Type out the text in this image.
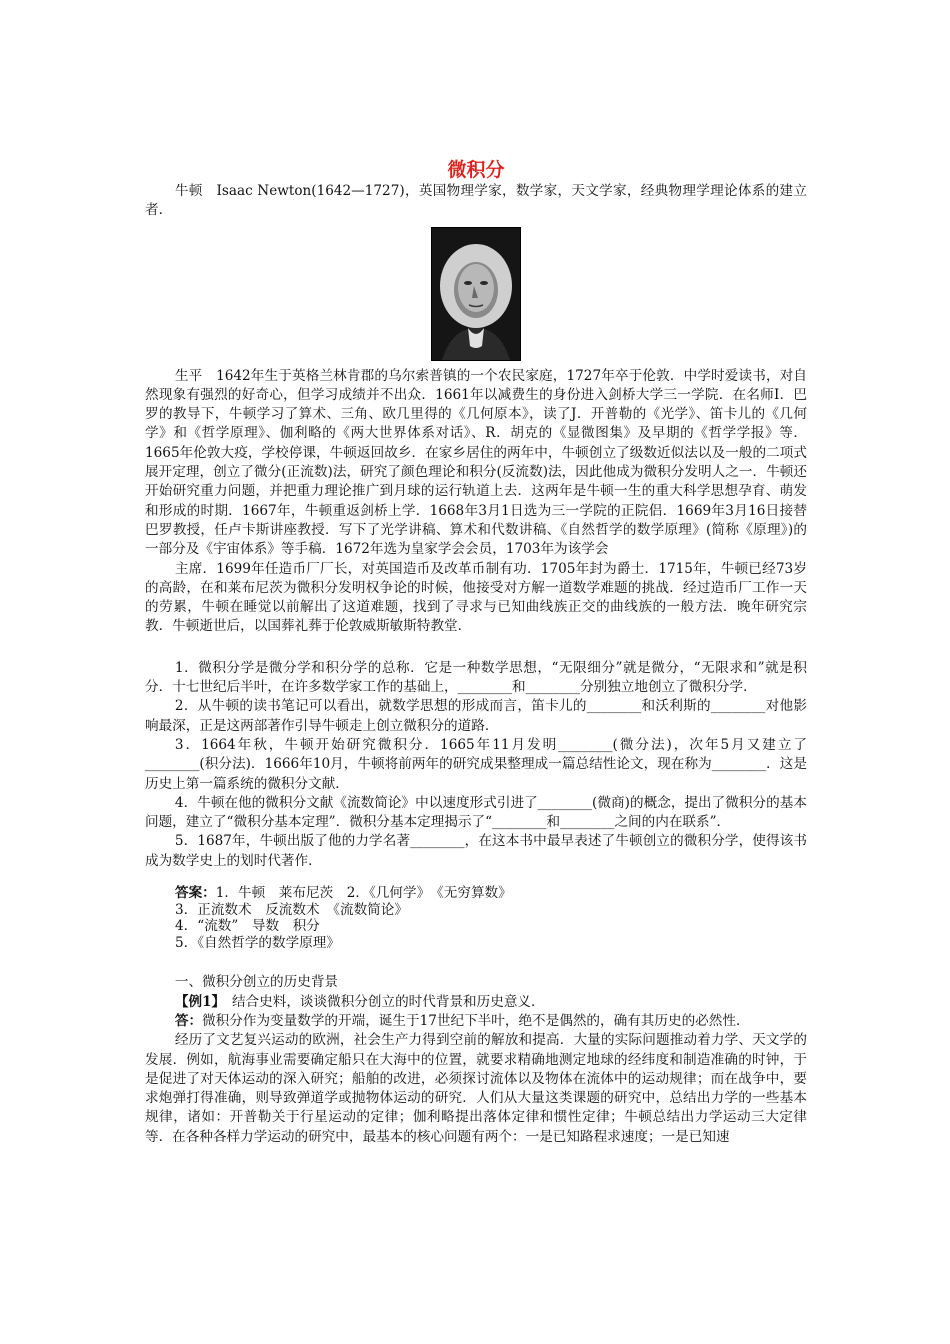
微积分

牛顿　Isaac Newton(1642—1727)，英国物理学家，数学家，天文学家，经典物理学理论体系的建立者．

生平　1642年生于英格兰林肯郡的乌尔索普镇的一个农民家庭，1727年卒于伦敦．中学时爱读书，对自然现象有强烈的好奇心，但学习成绩并不出众．1661年以减费生的身份进入剑桥大学三一学院．在名师I．巴罗的教导下，牛顿学习了算术、三角、欧几里得的《几何原本》，读了J．开普勒的《光学》、笛卡儿的《几何学》和《哲学原理》、伽利略的《两大世界体系对话》、R．胡克的《显微图集》及早期的《哲学学报》等．1665年伦敦大疫，学校停课，牛顿返回故乡．在家乡居住的两年中，牛顿创立了级数近似法以及一般的二项式展开定理，创立了微分(正流数)法，研究了颜色理论和积分(反流数)法，因此他成为微积分发明人之一．牛顿还开始研究重力问题，并把重力理论推广到月球的运行轨道上去．这两年是牛顿一生的重大科学思想孕育、萌发和形成的时期．1667年，牛顿重返剑桥上学．1668年3月1日选为三一学院的正院侣．1669年3月16日接替巴罗教授，任卢卡斯讲座教授．写下了光学讲稿、算术和代数讲稿、《自然哲学的数学原理》(简称《原理》)的一部分及《宇宙体系》等手稿．1672年选为皇家学会会员，1703年为该学会

主席．1699年任造币厂厂长，对英国造币及改革币制有功．1705年封为爵士．1715年，牛顿已经73岁的高龄，在和莱布尼茨为微积分发明权争论的时候，他接受对方解一道数学难题的挑战．经过造币厂工作一天的劳累，牛顿在睡觉以前解出了这道难题，找到了寻求与已知曲线族正交的曲线族的一般方法．晚年研究宗教．牛顿逝世后，以国葬礼葬于伦敦威斯敏斯特教堂．

1．微积分学是微分学和积分学的总称．它是一种数学思想，“无限细分”就是微分，“无限求和”就是积分．十七世纪后半叶，在许多数学家工作的基础上，________和________分别独立地创立了微积分学．

2．从牛顿的读书笔记可以看出，就数学思想的形成而言，笛卡儿的________和沃利斯的________对他影响最深，正是这两部著作引导牛顿走上创立微积分的道路．

3．1664年秋，牛顿开始研究微积分．1665年11月发明________(微分法)，次年5月又建立了________(积分法)．1666年10月，牛顿将前两年的研究成果整理成一篇总结性论文，现在称为________．这是历史上第一篇系统的微积分文献．

4．牛顿在他的微积分文献《流数简论》中以速度形式引进了________(微商)的概念，提出了微积分的基本问题，建立了“微积分基本定理”．微积分基本定理揭示了“________和________之间的内在联系”．

5．1687年，牛顿出版了他的力学名著________，在这本书中最早表述了牛顿创立的微积分学，使得该书成为数学史上的划时代著作．

答案：1．牛顿　莱布尼茨　2．《几何学》　《无穷算数》
3．正流数术　反流数术　《流数简论》
4．“流数”　导数　积分
5．《自然哲学的数学原理》

一、微积分创立的历史背景

【例1】　结合史料，谈谈微积分创立的时代背景和历史意义．

答：微积分作为变量数学的开端，诞生于17世纪下半叶，绝不是偶然的，确有其历史的必然性．

经历了文艺复兴运动的欧洲，社会生产力得到空前的解放和提高．大量的实际问题推动着力学、天文学的发展．例如，航海事业需要确定船只在大海中的位置，就要求精确地测定地球的经纬度和制造准确的时钟，于是促进了对天体运动的深入研究；船舶的改进，必须探讨流体以及物体在流体中的运动规律；而在战争中，要求炮弹打得准确，则导致弹道学或抛物体运动的研究．人们从大量这类课题的研究中，总结出力学的一些基本规律，诸如：开普勒关于行星运动的定律；伽利略提出落体定律和惯性定律；牛顿总结出力学运动三大定律等．在各种各样力学运动的研究中，最基本的核心问题有两个：一是已知路程求速度；一是已知速
